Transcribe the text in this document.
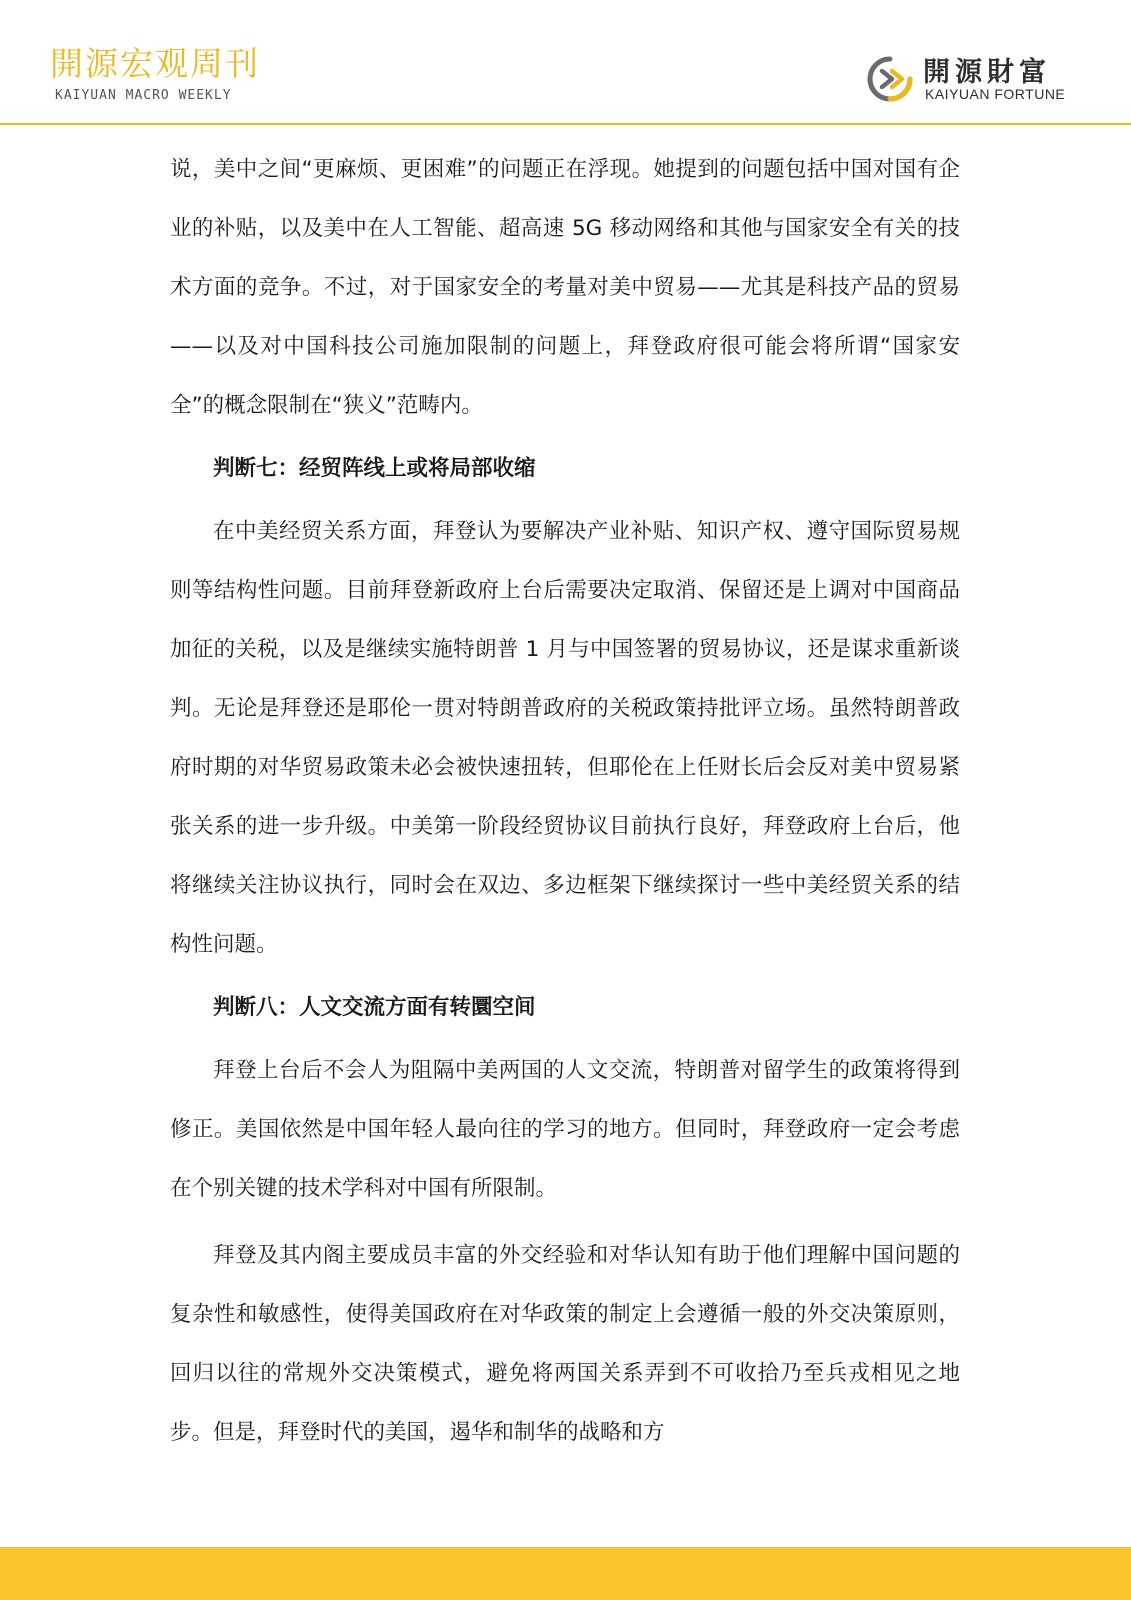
開源宏观周刊
KAIYUAN MACRO WEEKLY
開源財富
KAIYUAN FORTUNE

说，美中之间“更麻烦、更困难”的问题正在浮现。她提到的问题包括中国对国有企业的补贴，以及美中在人工智能、超高速 5G 移动网络和其他与国家安全有关的技术方面的竞争。不过，对于国家安全的考量对美中贸易——尤其是科技产品的贸易——以及对中国科技公司施加限制的问题上，拜登政府很可能会将所谓“国家安全”的概念限制在“狭义”范畴内。

判断七：经贸阵线上或将局部收缩

在中美经贸关系方面，拜登认为要解决产业补贴、知识产权、遵守国际贸易规则等结构性问题。目前拜登新政府上台后需要决定取消、保留还是上调对中国商品加征的关税，以及是继续实施特朗普 1 月与中国签署的贸易协议，还是谋求重新谈判。无论是拜登还是耶伦一贯对特朗普政府的关税政策持批评立场。虽然特朗普政府时期的对华贸易政策未必会被快速扭转，但耶伦在上任财长后会反对美中贸易紧张关系的进一步升级。中美第一阶段经贸协议目前执行良好，拜登政府上台后，他将继续关注协议执行，同时会在双边、多边框架下继续探讨一些中美经贸关系的结构性问题。

判断八：人文交流方面有转圜空间

拜登上台后不会人为阻隔中美两国的人文交流，特朗普对留学生的政策将得到修正。美国依然是中国年轻人最向往的学习的地方。但同时，拜登政府一定会考虑在个别关键的技术学科对中国有所限制。

拜登及其内阁主要成员丰富的外交经验和对华认知有助于他们理解中国问题的复杂性和敏感性，使得美国政府在对华政策的制定上会遵循一般的外交决策原则，回归以往的常规外交决策模式，避免将两国关系弄到不可收拾乃至兵戎相见之地步。但是，拜登时代的美国，遏华和制华的战略和方
